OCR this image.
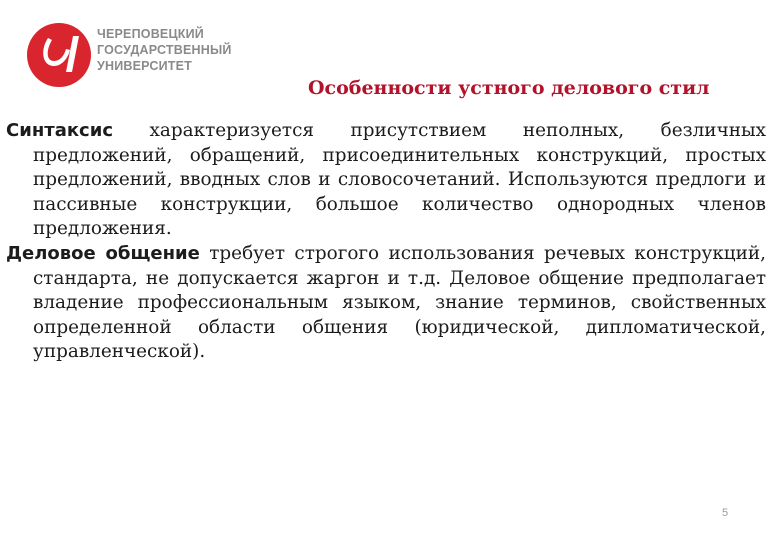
ЧЕРЕПОВЕЦКИЙ
ГОСУДАРСТВЕННЫЙ
УНИВЕРСИТЕТ
Особенности устного делового стил
Синтаксис характеризуется присутствием неполных, безличных предложений, обращений, присоединительных конструкций, простых предложений, вводных слов и словосочетаний. Используются предлоги и пассивные конструкции, большое количество однородных членов предложения.
Деловое общение требует строгого использования речевых конструкций, стандарта, не допускается жаргон и т.д. Деловое общение предполагает владение профессиональным языком, знание терминов, свойственных определенной области общения (юридической, дипломатической, управленческой).
5
